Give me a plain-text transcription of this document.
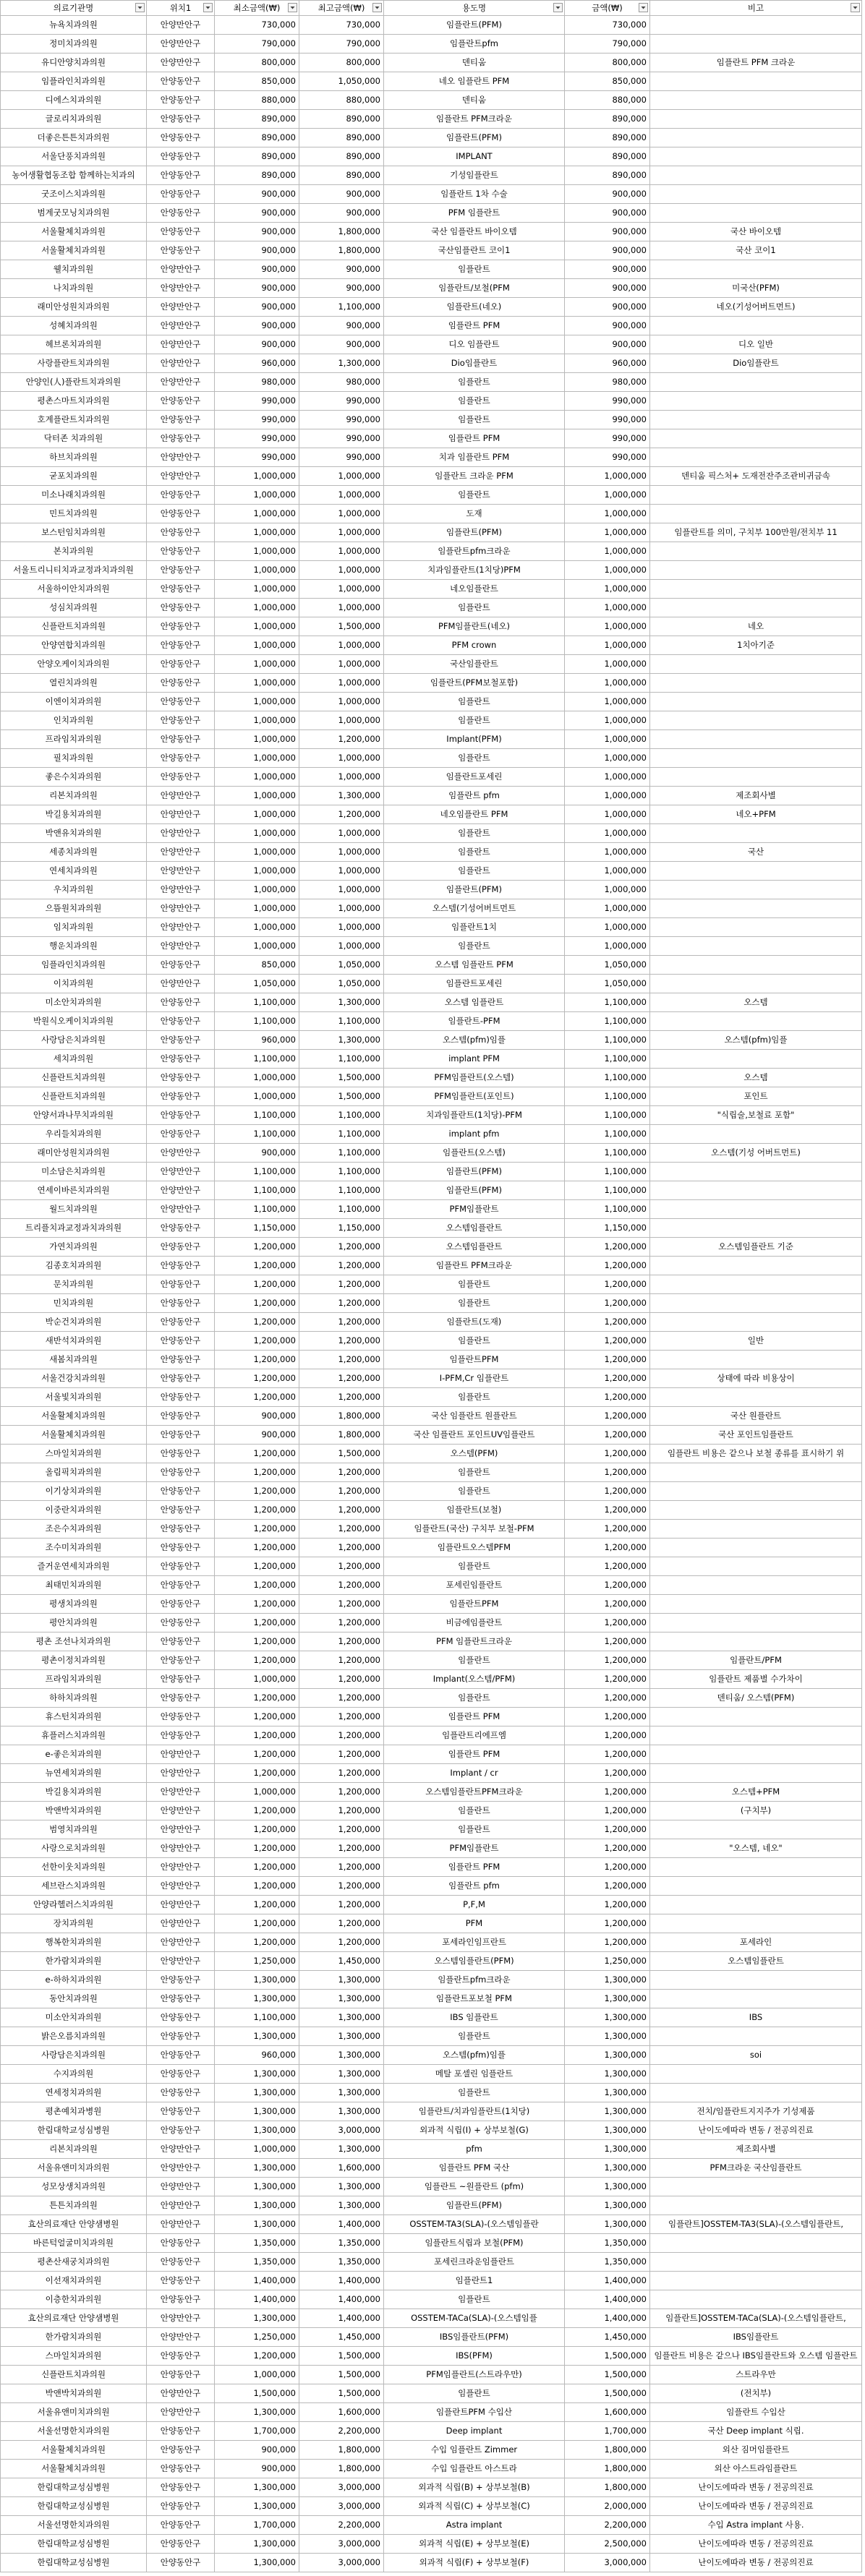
의료기관명	위치1	최소금액(₩)	최고금액(₩)	용도명	금액(₩)	비고

뉴욕치과의원	안양만안구	730,000	730,000	임플란트(PFM)	730,000	
정미치과의원	안양만안구	790,000	790,000	임플란트pfm	790,000	
유디안양치과의원	안양만안구	800,000	800,000	덴티움	800,000	임플란트 PFM 크라운
임플라인치과의원	안양동안구	850,000	1,050,000	네오 임플란트 PFM	850,000	
디에스치과의원	안양동안구	880,000	880,000	덴티움	880,000	
글로리치과의원	안양동안구	890,000	890,000	임플란트 PFM크라운	890,000	
더좋은튼튼치과의원	안양동안구	890,000	890,000	임플란트(PFM)	890,000	
서울단풍치과의원	안양동안구	890,000	890,000	IMPLANT	890,000	
농어생활협동조합 함께하는치과의	안양동안구	890,000	890,000	기성임플란트	890,000	
굿조이스치과의원	안양동안구	900,000	900,000	임플란트 1차 수술	900,000	
범계굿모닝치과의원	안양동안구	900,000	900,000	PFM 임플란트	900,000	
서울활체치과의원	안양동안구	900,000	1,800,000	국산 임플란트 바이오템	900,000	국산 바이오템
서울활체치과의원	안양동안구	900,000	1,800,000	국산임플란트 코이1	900,000	국산 코이1
웰치과의원	안양만안구	900,000	900,000	임플란트	900,000	
나치과의원	안양만안구	900,000	900,000	임플란트/보철(PFM	900,000	미국산(PFM)
래미안성원치과의원	안양만안구	900,000	1,100,000	임플란트(네오)	900,000	네오(기성어버트먼트)
성혜치과의원	안양만안구	900,000	900,000	임플란트 PFM	900,000	
헤브론치과의원	안양만안구	900,000	900,000	디오 임플란트	900,000	디오 일반
사랑플란트치과의원	안양만안구	960,000	1,300,000	Dio임플란트	960,000	Dio임플란트
안양인(人)플란트치과의원	안양만안구	980,000	980,000	임플란트	980,000	
평촌스마트치과의원	안양동안구	990,000	990,000	임플란트	990,000	
호계플란트치과의원	안양동안구	990,000	990,000	임플란트	990,000	
닥터존 치과의원	안양동안구	990,000	990,000	임플란트 PFM	990,000	
하브치과의원	안양만안구	990,000	990,000	치과 임플란트 PFM	990,000	
굳포치과의원	안양만안구	1,000,000	1,000,000	임플란트 크라운 PFM	1,000,000	덴티움 픽스처+ 도재전잔주조관비귀금속
미소나래치과의원	안양동안구	1,000,000	1,000,000	임플란트	1,000,000	
민트치과의원	안양동안구	1,000,000	1,000,000	도재	1,000,000	
보스턴임치과의원	안양동안구	1,000,000	1,000,000	임플란트(PFM)	1,000,000	임플란트를 의미, 구치부 100만원/전치부 11
본치과의원	안양동안구	1,000,000	1,000,000	임플란트pfm크라운	1,000,000	
서울트리니티치과교정과치과의원	안양동안구	1,000,000	1,000,000	치과임플란트(1치당)PFM	1,000,000	
서울하이안치과의원	안양동안구	1,000,000	1,000,000	네오임플란트	1,000,000	
성심치과의원	안양동안구	1,000,000	1,000,000	임플란트	1,000,000	
신플란트치과의원	안양동안구	1,000,000	1,500,000	PFM임플란트(네오)	1,000,000	네오
안양연합치과의원	안양동안구	1,000,000	1,000,000	PFM crown	1,000,000	1치아기준
안양오케이치과의원	안양동안구	1,000,000	1,000,000	국산임플란트	1,000,000	
열린치과의원	안양동안구	1,000,000	1,000,000	임플란트(PFM보철포함)	1,000,000	
이엔이치과의원	안양동안구	1,000,000	1,000,000	임플란트	1,000,000	
인치과의원	안양동안구	1,000,000	1,000,000	임플란트	1,000,000	
프라임치과의원	안양동안구	1,000,000	1,200,000	Implant(PFM)	1,000,000	
필치과의원	안양동안구	1,000,000	1,000,000	임플란트	1,000,000	
좋은수치과의원	안양동안구	1,000,000	1,000,000	임플란트포세린	1,000,000	
리본치과의원	안양만안구	1,000,000	1,300,000	임플란트 pfm	1,000,000	제조회사별
박길용치과의원	안양만안구	1,000,000	1,200,000	네오임플란트 PFM	1,000,000	네오+PFM
박앤유치과의원	안양만안구	1,000,000	1,000,000	임플란트	1,000,000	
세종치과의원	안양만안구	1,000,000	1,000,000	임플란트	1,000,000	국산
연세치과의원	안양만안구	1,000,000	1,000,000	임플란트	1,000,000	
우치과의원	안양만안구	1,000,000	1,000,000	임플란트(PFM)	1,000,000	
으뜸원치과의원	안양만안구	1,000,000	1,000,000	오스템(기성어버트먼트	1,000,000	
임치과의원	안양만안구	1,000,000	1,000,000	임플란트1치	1,000,000	
행운치과의원	안양만안구	1,000,000	1,000,000	임플란트	1,000,000	
임플라인치과의원	안양동안구	850,000	1,050,000	오스템 임플란트 PFM	1,050,000	
이치과의원	안양만안구	1,050,000	1,050,000	임플란트포세린	1,050,000	
미소안치과의원	안양동안구	1,100,000	1,300,000	오스템 임플란트	1,100,000	오스템
박원식오케이치과의원	안양동안구	1,100,000	1,100,000	임플란트-PFM	1,100,000	
사랑담은치과의원	안양동안구	960,000	1,300,000	오스템(pfm)임플	1,100,000	오스템(pfm)임플
세치과의원	안양동안구	1,100,000	1,100,000	implant PFM	1,100,000	
신플란트치과의원	안양동안구	1,000,000	1,500,000	PFM임플란트(오스템)	1,100,000	오스템
신플란트치과의원	안양동안구	1,000,000	1,500,000	PFM임플란트(포인트)	1,100,000	포인트
안양서과나무치과의원	안양동안구	1,100,000	1,100,000	치과임플란트(1치당)-PFM	1,100,000	"식립술,보철료 포함"
우리들치과의원	안양동안구	1,100,000	1,100,000	implant pfm	1,100,000	
래미안성원치과의원	안양만안구	900,000	1,100,000	임플란트(오스템)	1,100,000	오스템(기성 어버트먼트)
미소담은치과의원	안양만안구	1,100,000	1,100,000	임플란트(PFM)	1,100,000	
연세이바른치과의원	안양만안구	1,100,000	1,100,000	임플란트(PFM)	1,100,000	
월드치과의원	안양만안구	1,100,000	1,100,000	PFM임플란트	1,100,000	
트리플치과교정과치과의원	안양동안구	1,150,000	1,150,000	오스템임플란트	1,150,000	
가연치과의원	안양동안구	1,200,000	1,200,000	오스템임플란트	1,200,000	오스템임플란트 기준
김종호치과의원	안양동안구	1,200,000	1,200,000	임플란트 PFM크라운	1,200,000	
문치과의원	안양동안구	1,200,000	1,200,000	임플란트	1,200,000	
민치과의원	안양동안구	1,200,000	1,200,000	임플란트	1,200,000	
박순건치과의원	안양동안구	1,200,000	1,200,000	임플란트(도재)	1,200,000	
새반석치과의원	안양동안구	1,200,000	1,200,000	임플란트	1,200,000	일반
새봄치과의원	안양동안구	1,200,000	1,200,000	임플란트PFM	1,200,000	
서울건강치과의원	안양동안구	1,200,000	1,200,000	I-PFM,Cr 임플란트	1,200,000	상태에 따라 비용상이
서울빛치과의원	안양동안구	1,200,000	1,200,000	임플란트	1,200,000	
서울활체치과의원	안양동안구	900,000	1,800,000	국산 임플란트 원플란트	1,200,000	국산 원플란트
서울활체치과의원	안양동안구	900,000	1,800,000	국산 임플란트 포인트UV임플란트	1,200,000	국산 포인트임플란트
스마일치과의원	안양동안구	1,200,000	1,500,000	오스템(PFM)	1,200,000	임플란트 비용은 같으나 보철 종류를 표시하기 위
올림픽치과의원	안양동안구	1,200,000	1,200,000	임플란트	1,200,000	
이기상치과의원	안양동안구	1,200,000	1,200,000	임플란트	1,200,000	
이중란치과의원	안양동안구	1,200,000	1,200,000	임플란트(보철)	1,200,000	
조은수치과의원	안양동안구	1,200,000	1,200,000	임플란트(국산) 구치부 보철-PFM	1,200,000	
조수미치과의원	안양동안구	1,200,000	1,200,000	임플란트오스템PFM	1,200,000	
즐거운연세치과의원	안양동안구	1,200,000	1,200,000	임플란트	1,200,000	
최태민치과의원	안양동안구	1,200,000	1,200,000	포세린임플란트	1,200,000	
평생치과의원	안양동안구	1,200,000	1,200,000	임플란트PFM	1,200,000	
평안치과의원	안양동안구	1,200,000	1,200,000	비금에임플란트	1,200,000	
평촌 조선나치과의원	안양동안구	1,200,000	1,200,000	PFM 임플란트크라운	1,200,000	
평촌이정치과의원	안양동안구	1,200,000	1,200,000	임플란트	1,200,000	임플란트/PFM
프라임치과의원	안양동안구	1,000,000	1,200,000	Implant(오스템/PFM)	1,200,000	임플란트 제품별 수가차이
하하치과의원	안양동안구	1,200,000	1,200,000	임플란트	1,200,000	덴티움/ 오스템(PFM)
휴스턴치과의원	안양동안구	1,200,000	1,200,000	임플란트 PFM	1,200,000	
휴플러스치과의원	안양동안구	1,200,000	1,200,000	임플란트리에프엠	1,200,000	
e-좋은치과의원	안양만안구	1,200,000	1,200,000	임플란트 PFM	1,200,000	
뉴연세치과의원	안양만안구	1,200,000	1,200,000	Implant / cr	1,200,000	
박길용치과의원	안양만안구	1,000,000	1,200,000	오스템임플란트PFM크라운	1,200,000	오스템+PFM
박앤박치과의원	안양만안구	1,200,000	1,200,000	임플란트	1,200,000	(구치부)
범영치과의원	안양만안구	1,200,000	1,200,000	임플란트	1,200,000	
사랑으로치과의원	안양만안구	1,200,000	1,200,000	PFM임플란트	1,200,000	"오스템, 네오"
선한이웃치과의원	안양만안구	1,200,000	1,200,000	임플란트 PFM	1,200,000	
세브란스치과의원	안양만안구	1,200,000	1,200,000	임플란트 pfm	1,200,000	
안양라헬러스치과의원	안양만안구	1,200,000	1,200,000	P,F,M	1,200,000	
장치과의원	안양만안구	1,200,000	1,200,000	PFM	1,200,000	
행복한치과의원	안양만안구	1,200,000	1,200,000	포세라인임프란트	1,200,000	포세라인
한가람치과의원	안양만안구	1,250,000	1,450,000	오스템임플란트(PFM)	1,250,000	오스템임플란트
e-하하치과의원	안양동안구	1,300,000	1,300,000	임플란트pfm크라운	1,300,000	
동안치과의원	안양동안구	1,300,000	1,300,000	임플란트포보철 PFM	1,300,000	
미소안치과의원	안양동안구	1,100,000	1,300,000	IBS 임플란트	1,300,000	IBS
밝은오름치과의원	안양동안구	1,300,000	1,300,000	임플란트	1,300,000	
사랑담은치과의원	안양동안구	960,000	1,300,000	오스템(pfm)임플	1,300,000	soi
수지과의원	안양동안구	1,300,000	1,300,000	메탈 포셀린 임플란트	1,300,000	
연세정치과의원	안양동안구	1,300,000	1,300,000	임플란트	1,300,000	
평촌예치과병원	안양동안구	1,300,000	1,300,000	임플란트/치과임플란트(1치당)	1,300,000	전치/임플란트지지주가 기성제품
한림대학교성심병원	안양동안구	1,300,000	3,000,000	외과적 식립(I) + 상부보철(G)	1,300,000	난이도에따라 변동 / 전공의진료
리본치과의원	안양만안구	1,000,000	1,300,000	pfm	1,300,000	제조회사별
서울유앤미치과의원	안양만안구	1,300,000	1,600,000	임플란트 PFM 국산	1,300,000	PFM크라운 국산임플란트
성모상생치과의원	안양만안구	1,300,000	1,300,000	임플란트 ~원플란트 (pfm)	1,300,000	
튼튼치과의원	안양만안구	1,300,000	1,300,000	임플란트(PFM)	1,300,000	
효산의료재단 안양샘병원	안양만안구	1,300,000	1,400,000	OSSTEM-TA3(SLA)-(오스템임플란	1,300,000	임플란트]OSSTEM-TA3(SLA)-(오스템임플란트,
바른턱얼굴미치과의원	안양동안구	1,350,000	1,350,000	임플란트식립과 보철(PFM)	1,350,000	
평촌산새궁치과의원	안양동안구	1,350,000	1,350,000	포세린크라운임플란트	1,350,000	
이선재치과의원	안양동안구	1,400,000	1,400,000	임플란트1	1,400,000	
이층한치과의원	안양동안구	1,400,000	1,400,000	임플란트	1,400,000	
효산의료재단 안양샘병원	안양만안구	1,300,000	1,400,000	OSSTEM-TACa(SLA)-(오스템임플	1,400,000	임플란트]OSSTEM-TACa(SLA)-(오스템임플란트,
한가람치과의원	안양만안구	1,250,000	1,450,000	IBS임플란트(PFM)	1,450,000	IBS임플란트
스마일치과의원	안양동안구	1,200,000	1,500,000	IBS(PFM)	1,500,000	임플란트 비용은 같으나 IBS임플란트와 오스템 임플란트
신플란트치과의원	안양동안구	1,000,000	1,500,000	PFM임플란트(스트라우만)	1,500,000	스트라우만
박앤박치과의원	안양만안구	1,500,000	1,500,000	임플란트	1,500,000	(전치부)
서울유앤미치과의원	안양만안구	1,300,000	1,600,000	임플란트PFM 수입산	1,600,000	임플란트 수입산
서울선명한치과의원	안양동안구	1,700,000	2,200,000	Deep implant	1,700,000	국산 Deep implant 식립.
서울활체치과의원	안양동안구	900,000	1,800,000	수입 임플란트 Zimmer	1,800,000	외산 짐머임플란트
서울활체치과의원	안양동안구	900,000	1,800,000	수입 임플란트 아스트라	1,800,000	외산 아스트라임플란트
한림대학교성심병원	안양동안구	1,300,000	3,000,000	외과적 식립(B) + 상부보철(B)	1,800,000	난이도에따라 변동 / 전공의진료
한림대학교성심병원	안양동안구	1,300,000	3,000,000	외과적 식립(C) + 상부보철(C)	2,000,000	난이도에따라 변동 / 전공의진료
서울선명한치과의원	안양동안구	1,700,000	2,200,000	Astra implant	2,200,000	수입 Astra implant 사용.
한림대학교성심병원	안양동안구	1,300,000	3,000,000	외과적 식립(E) + 상부보철(E)	2,500,000	난이도에따라 변동 / 전공의진료
한림대학교성심병원	안양동안구	1,300,000	3,000,000	외과적 식립(F) + 상부보철(F)	3,000,000	난이도에따라 변동 / 전공의진료
